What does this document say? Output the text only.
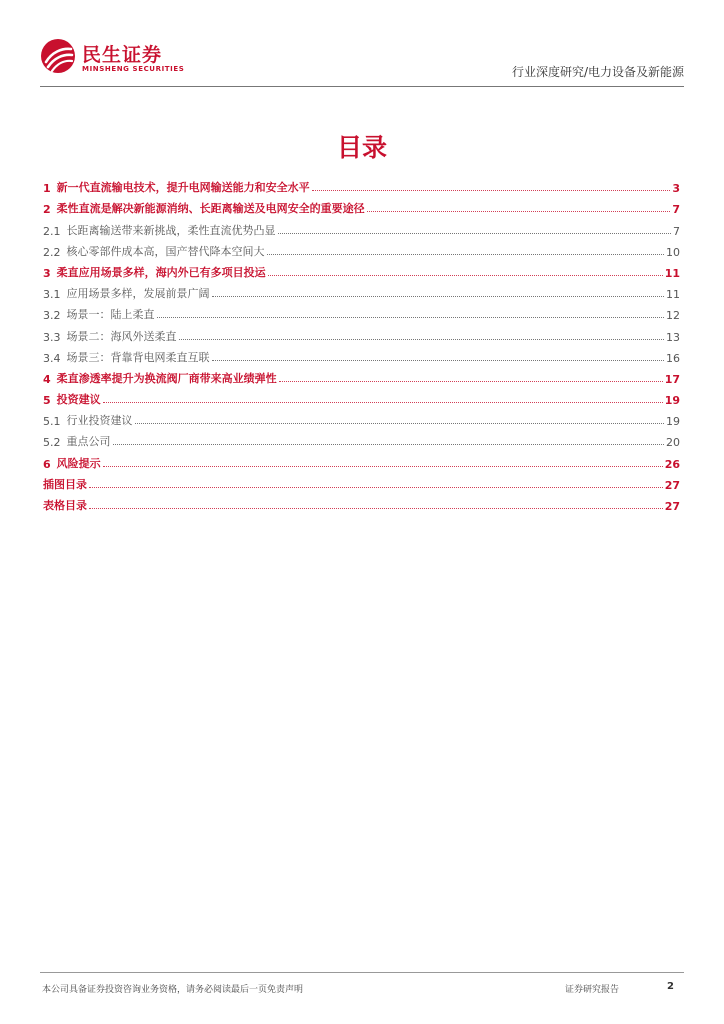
民生证券
MINSHENG SECURITIES	行业深度研究/电力设备及新能源
目录
1 新一代直流输电技术，提升电网输送能力和安全水平	3
2 柔性直流是解决新能源消纳、长距离输送及电网安全的重要途径	7
2.1 长距离输送带来新挑战，柔性直流优势凸显	7
2.2 核心零部件成本高，国产替代降本空间大	10
3 柔直应用场景多样，海内外已有多项目投运	11
3.1 应用场景多样，发展前景广阔	11
3.2 场景一：陆上柔直	12
3.3 场景二：海风外送柔直	13
3.4 场景三：背靠背电网柔直互联	16
4 柔直渗透率提升为换流阀厂商带来高业绩弹性	17
5 投资建议	19
5.1 行业投资建议	19
5.2 重点公司	20
6 风险提示	26
插图目录	27
表格目录	27
本公司具备证券投资咨询业务资格，请务必阅读最后一页免责声明	证券研究报告	2
